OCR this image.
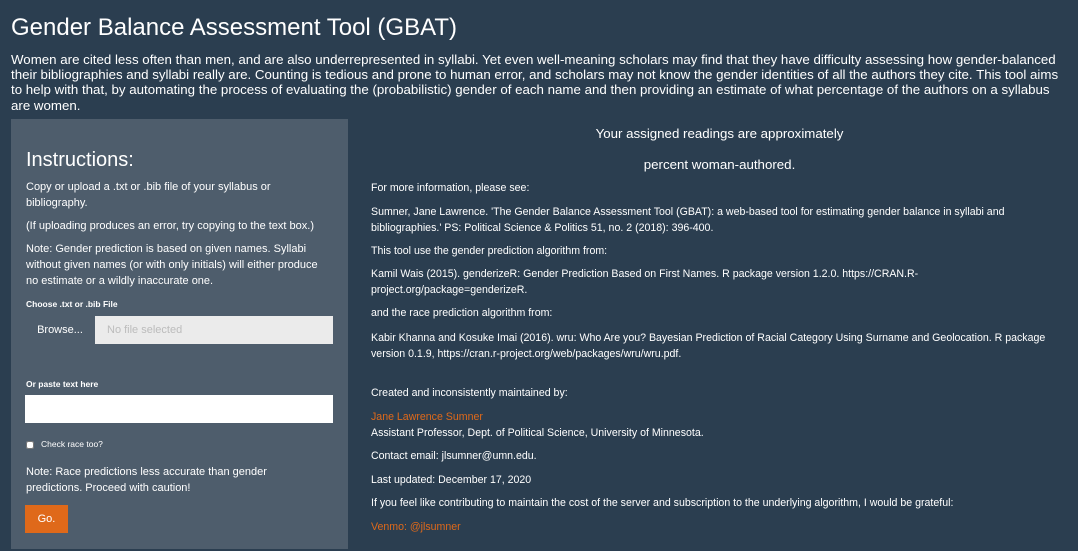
Gender Balance Assessment Tool (GBAT)

Women are cited less often than men, and are also underrepresented in syllabi. Yet even well-meaning scholars may find that they have difficulty assessing how gender-balanced their bibliographies and syllabi really are. Counting is tedious and prone to human error, and scholars may not know the gender identities of all the authors they cite. This tool aims to help with that, by automating the process of evaluating the (probabilistic) gender of each name and then providing an estimate of what percentage of the authors on a syllabus are women.

Instructions:

Copy or upload a .txt or .bib file of your syllabus or bibliography.

(If uploading produces an error, try copying to the text box.)

Note: Gender prediction is based on given names. Syllabi without given names (or with only initials) will either produce no estimate or a wildly inaccurate one.

Choose .txt or .bib File
Browse...	No file selected
Or paste text here
Check race too?

Note: Race predictions less accurate than gender predictions. Proceed with caution!

Go.

Your assigned readings are approximately

percent woman-authored.

For more information, please see:

Sumner, Jane Lawrence. 'The Gender Balance Assessment Tool (GBAT): a web-based tool for estimating gender balance in syllabi and bibliographies.' PS: Political Science & Politics 51, no. 2 (2018): 396-400.

This tool use the gender prediction algorithm from:

Kamil Wais (2015). genderizeR: Gender Prediction Based on First Names. R package version 1.2.0. https://CRAN.R-project.org/package=genderizeR.

and the race prediction algorithm from:

Kabir Khanna and Kosuke Imai (2016). wru: Who Are you? Bayesian Prediction of Racial Category Using Surname and Geolocation. R package version 0.1.9, https://cran.r-project.org/web/packages/wru/wru.pdf.

Created and inconsistently maintained by:

Jane Lawrence Sumner

Assistant Professor, Dept. of Political Science, University of Minnesota.

Contact email: jlsumner@umn.edu.

Last updated: December 17, 2020

If you feel like contributing to maintain the cost of the server and subscription to the underlying algorithm, I would be grateful:

Venmo: @jlsumner
